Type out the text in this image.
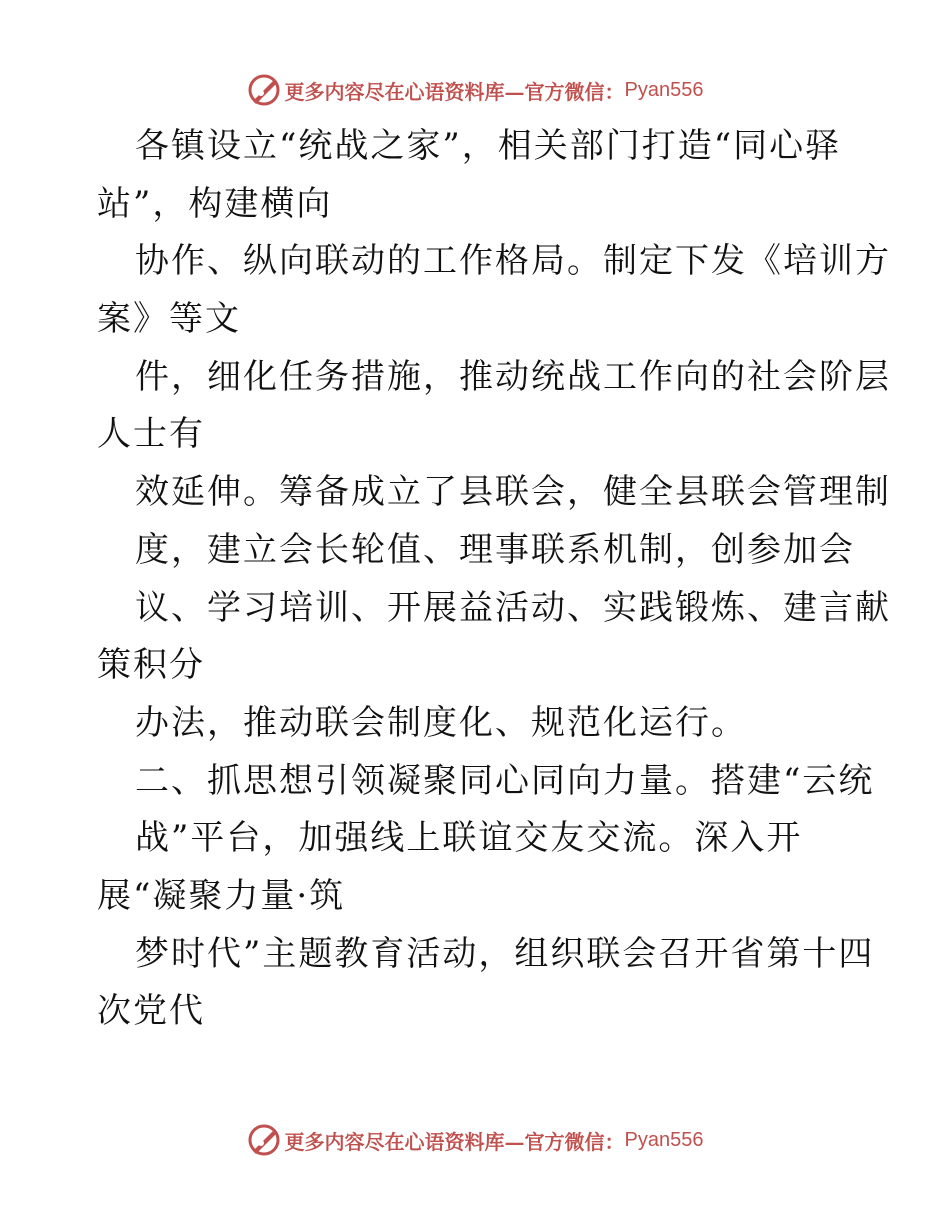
更多内容尽在心语资料库—官方微信： Pyan556
各镇设立“统战之家”，相关部门打造“同心驿
站”，构建横向
协作、纵向联动的工作格局。制定下发《培训方
案》等文
件，细化任务措施，推动统战工作向的社会阶层
人士有
效延伸。筹备成立了县联会，健全县联会管理制
度，建立会长轮值、理事联系机制，创参加会
议、学习培训、开展益活动、实践锻炼、建言献
策积分
办法，推动联会制度化、规范化运行。
二、抓思想引领凝聚同心同向力量。搭建“云统
战”平台，加强线上联谊交友交流。深入开
展“凝聚力量·筑
梦时代”主题教育活动，组织联会召开省第十四
次党代
更多内容尽在心语资料库—官方微信： Pyan556
